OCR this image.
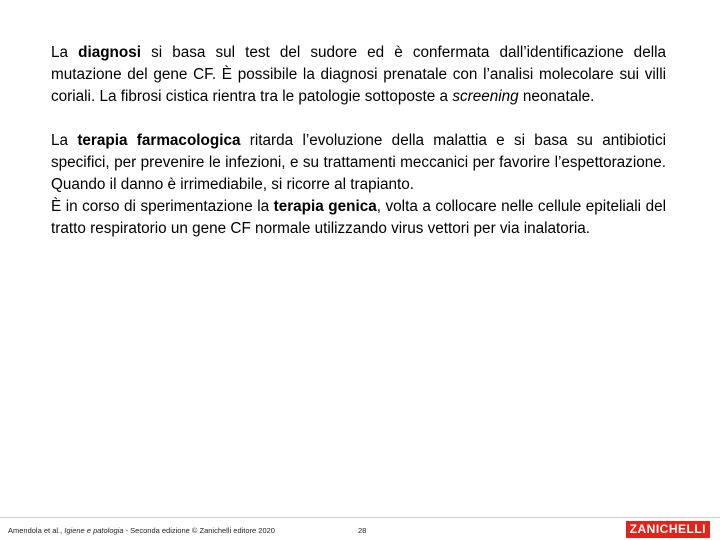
La diagnosi si basa sul test del sudore ed è confermata dall’identificazione della mutazione del gene CF. È possibile la diagnosi prenatale con l’analisi molecolare sui villi coriali. La fibrosi cistica rientra tra le patologie sottoposte a screening neonatale.

La terapia farmacologica ritarda l’evoluzione della malattia e si basa su antibiotici specifici, per prevenire le infezioni, e su trattamenti meccanici per favorire l’espettorazione. Quando il danno è irrimediabile, si ricorre al trapianto.

È in corso di sperimentazione la terapia genica, volta a collocare nelle cellule epiteliali del tratto respiratorio un gene CF normale utilizzando virus vettori per via inalatoria.

Amendola et al., Igiene e patologia - Seconda edizione © Zanichelli editore 2020	28	ZANICHELLI
